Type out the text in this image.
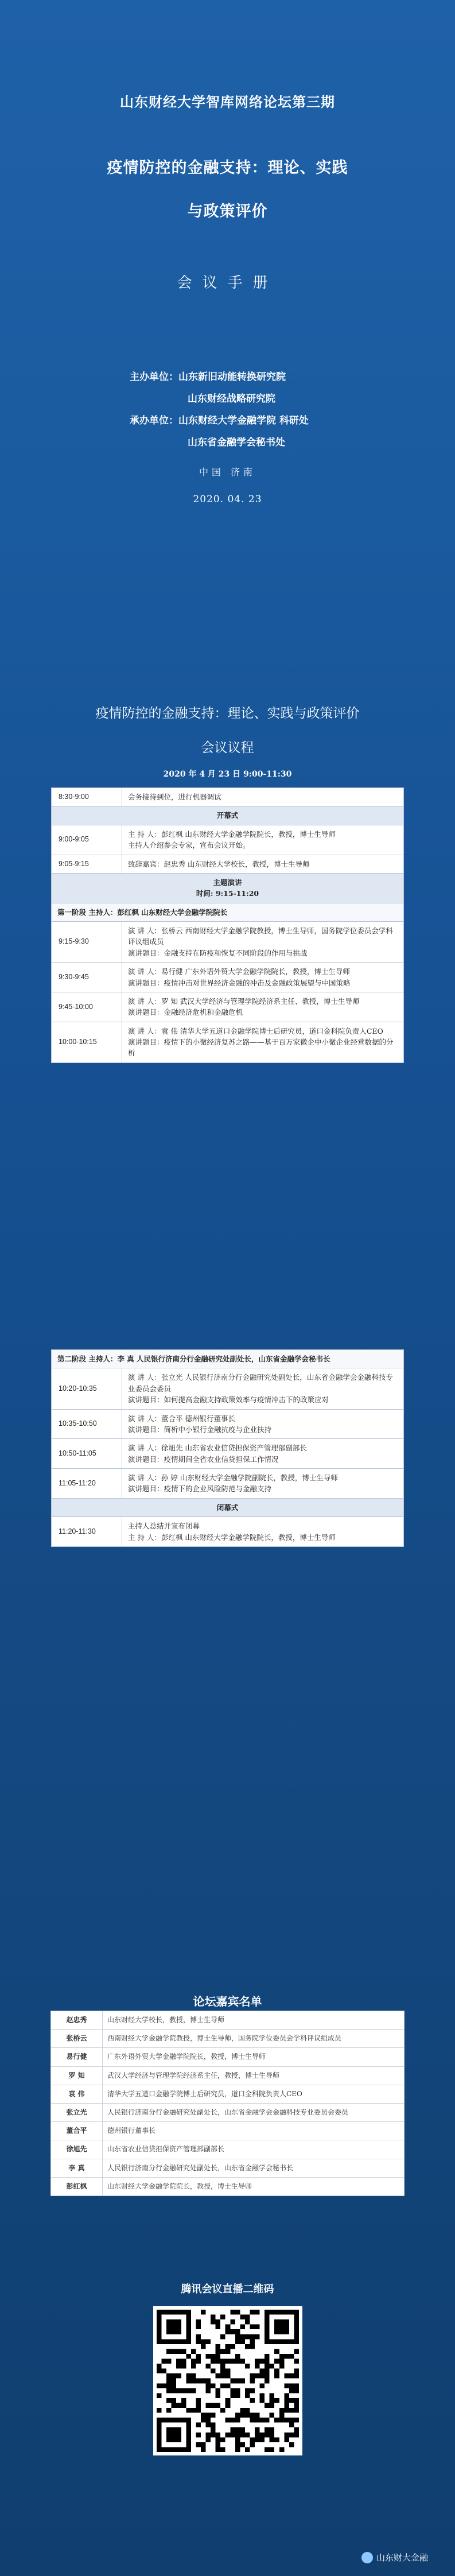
山东财经大学智库网络论坛第三期
疫情防控的金融支持：理论、实践
与政策评价
会议手册
主办单位：山东新旧动能转换研究院
山东财经战略研究院
承办单位：山东财经大学金融学院 科研处
山东省金融学会秘书处
中国 济南
2020. 04. 23
疫情防控的金融支持：理论、实践与政策评价
会议议程
2020 年 4 月 23 日 9:00-11:30
8:30-9:00	会务接待到位，进行机器调试
开幕式	
9:00-9:05	主 持 人：彭红枫 山东财经大学金融学院院长，教授，博士生导师
主持人介绍参会专家，宣布会议开始。
9:05-9:15	致辞嘉宾：赵忠秀 山东财经大学校长，教授，博士生导师
主题演讲
时间: 9:15-11:20	
第一阶段 主持人：彭红枫 山东财经大学金融学院院长	
9:15-9:30	演 讲 人：张桥云 西南财经大学金融学院教授，博士生导师，国务院学位委员会学科评议组成员
演讲题目：金融支持在防疫和恢复不同阶段的作用与挑战
9:30-9:45	演 讲 人：易行健 广东外语外贸大学金融学院院长，教授，博士生导师
演讲题目：疫情冲击对世界经济金融的冲击及金融政策展望与中国策略
9:45-10:00	演 讲 人：罗 知 武汉大学经济与管理学院经济系主任、教授，博士生导师
演讲题目：金融经济危机和金融危机
10:00-10:15	演 讲 人：袁 伟 清华大学五道口金融学院博士后研究员，道口金科院负责人CEO
演讲题目：疫情下的小微经济复苏之路——基于百万家微企中小微企业经营数据的分析
第二阶段 主持人：李 真 人民银行济南分行金融研究处副处长，山东省金融学会秘书长	
10:20-10:35	演 讲 人：张立光 人民银行济南分行金融研究处副处长，山东省金融学会金融科技专业委员会委员
演讲题目：如何提高金融支持政策效率与疫情冲击下的政策应对
10:35-10:50	演 讲 人：董合平 德州银行董事长
演讲题目：简析中小银行金融抗疫与企业扶持
10:50-11:05	演 讲 人：徐旭先 山东省农业信贷担保资产管理部副部长
演讲题目：疫情期间全省农业信贷担保工作情况
11:05-11:20	演 讲 人：孙 婷 山东财经大学金融学院副院长，教授，博士生导师
演讲题目：疫情下的企业风险防范与金融支持
闭幕式	
11:20-11:30	主持人总结并宣布闭幕
主 持 人：彭红枫 山东财经大学金融学院院长，教授，博士生导师
论坛嘉宾名单
赵忠秀	山东财经大学校长，教授，博士生导师
张桥云	西南财经大学金融学院教授，博士生导师，国务院学位委员会学科评议组成员
易行健	广东外语外贸大学金融学院院长，教授，博士生导师
罗 知	武汉大学经济与管理学院经济系主任，教授，博士生导师
袁 伟	清华大学五道口金融学院博士后研究员，道口金科院负责人CEO
张立光	人民银行济南分行金融研究处副处长，山东省金融学会金融科技专业委员会委员
董合平	德州银行董事长
徐旭先	山东省农业信贷担保资产管理部副部长
李 真	人民银行济南分行金融研究处副处长，山东省金融学会秘书长
彭红枫	山东财经大学金融学院院长，教授，博士生导师
腾讯会议直播二维码
山东财大金融
